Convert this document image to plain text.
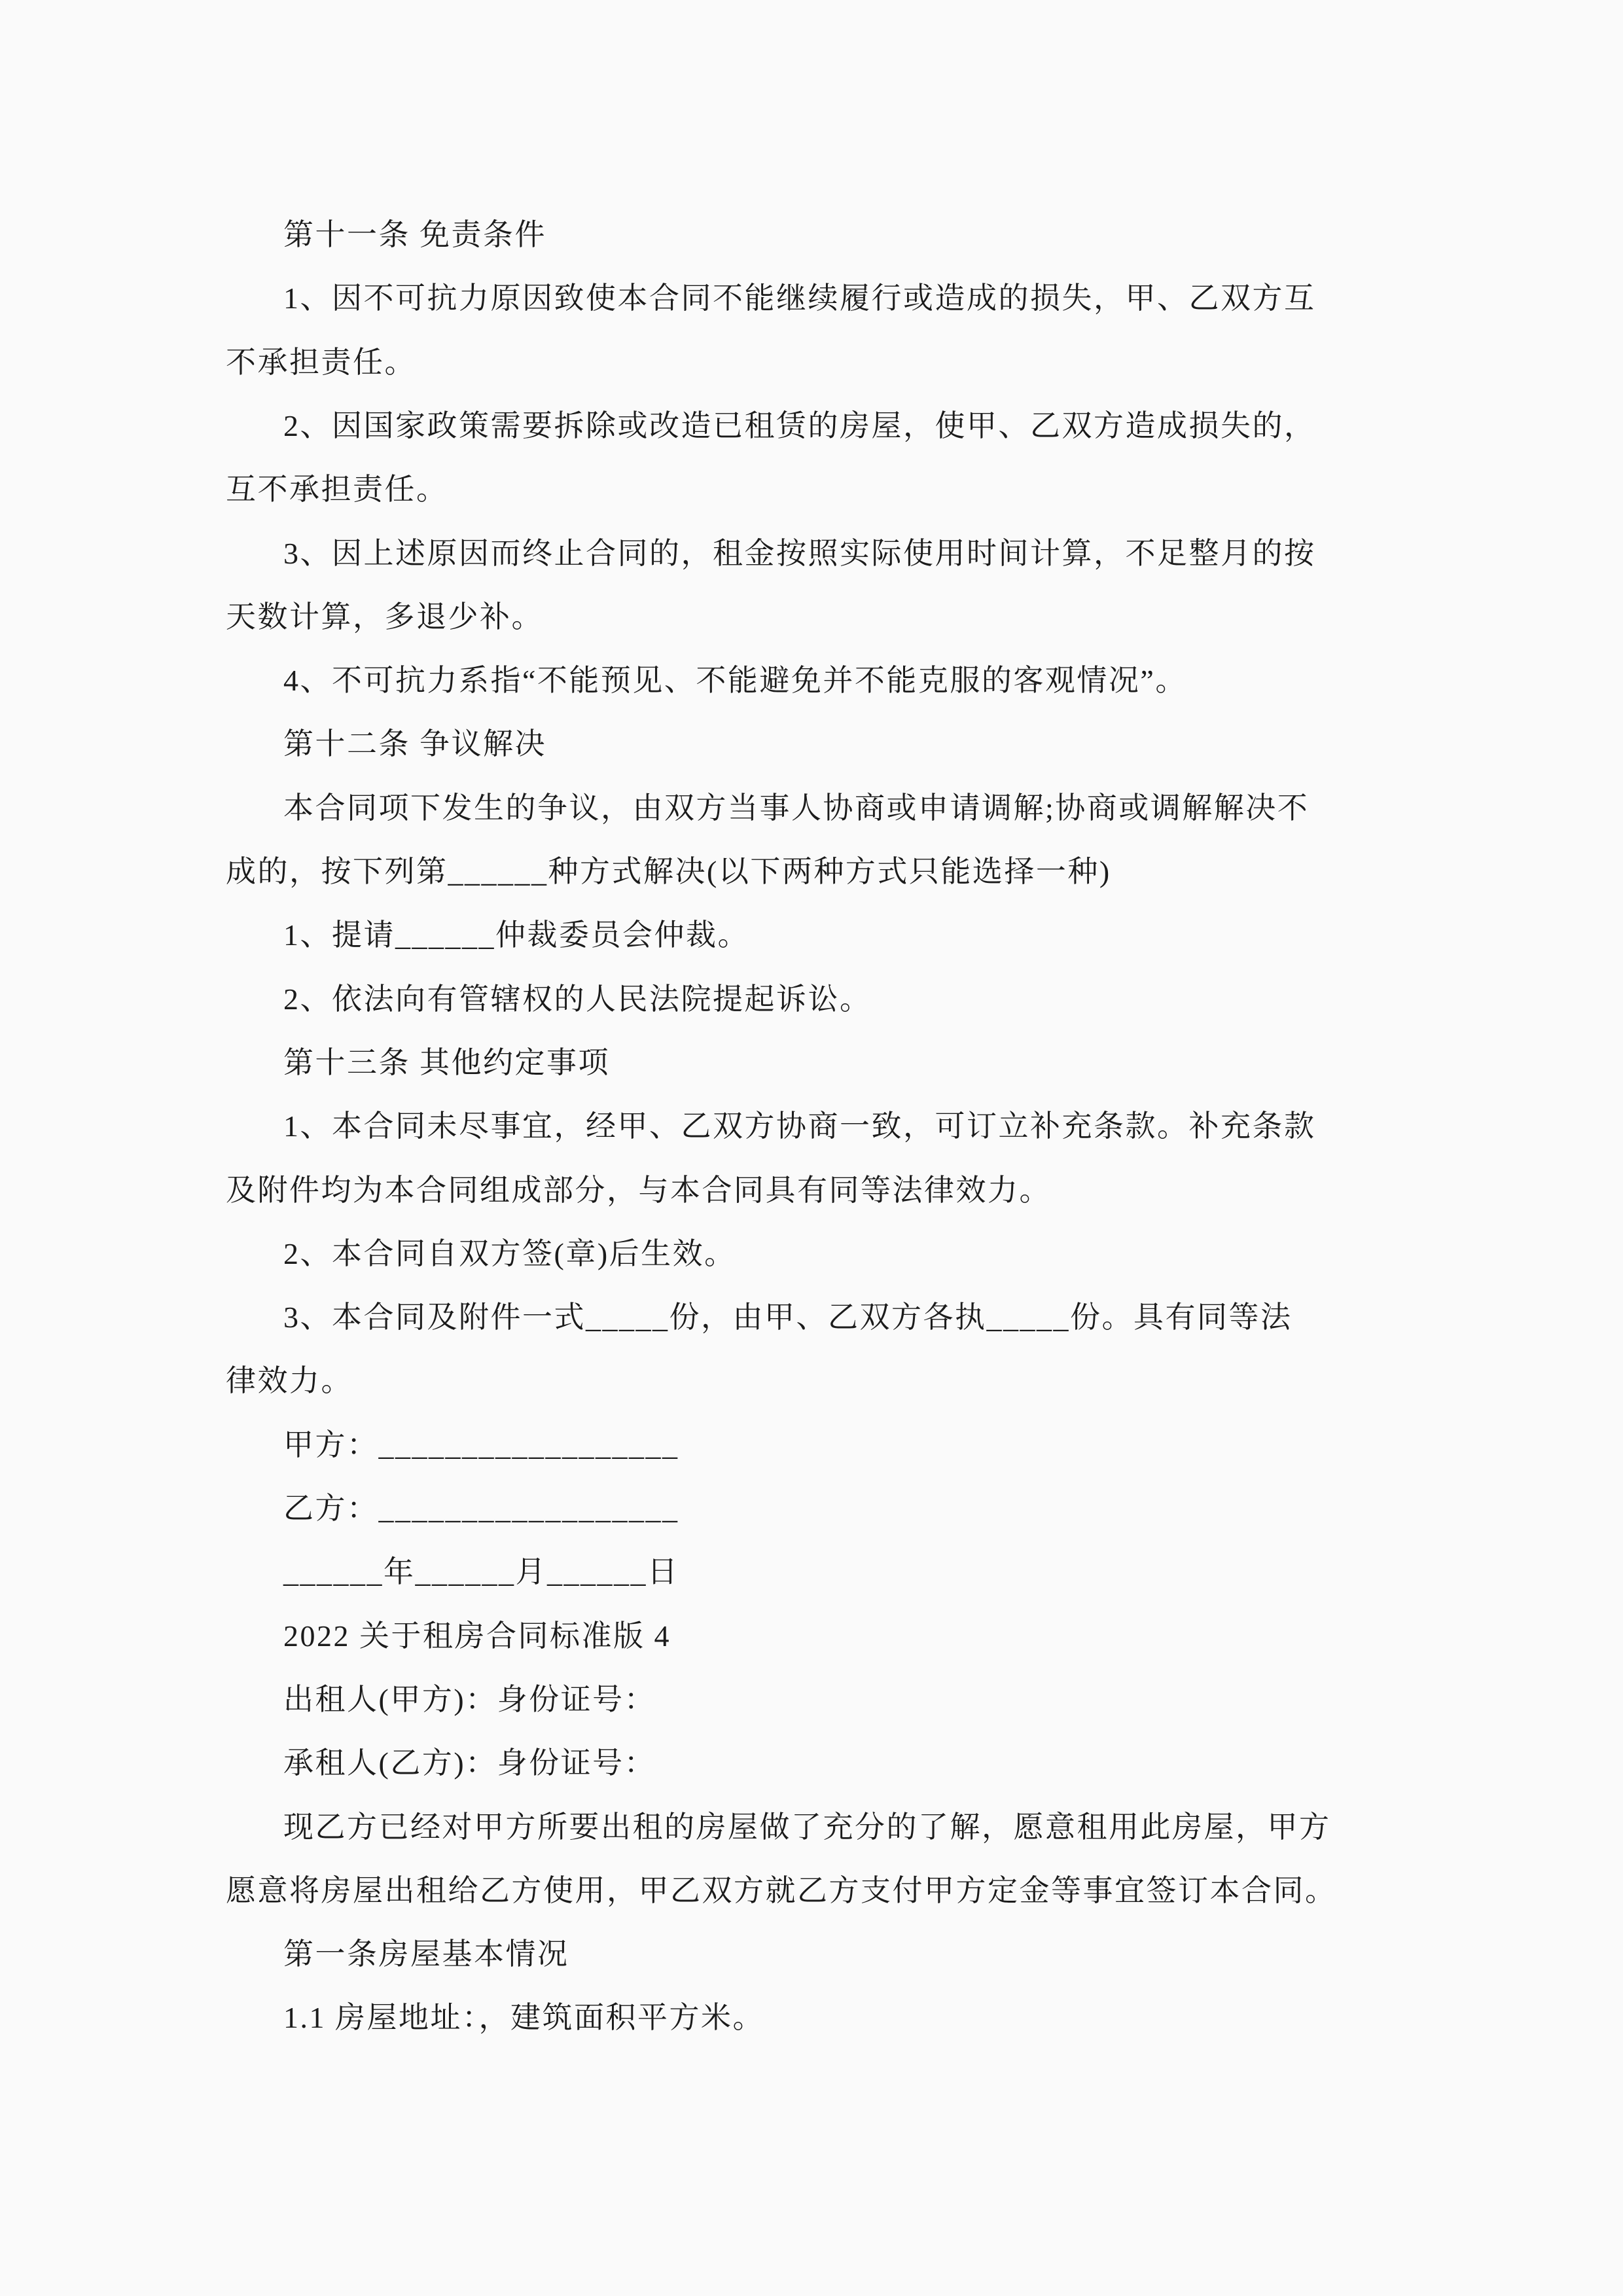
第十一条 免责条件
1、因不可抗力原因致使本合同不能继续履行或造成的损失，甲、乙双方互
不承担责任。
2、因国家政策需要拆除或改造已租赁的房屋，使甲、乙双方造成损失的，
互不承担责任。
3、因上述原因而终止合同的，租金按照实际使用时间计算，不足整月的按
天数计算，多退少补。
4、不可抗力系指“不能预见、不能避免并不能克服的客观情况”。
第十二条 争议解决
本合同项下发生的争议，由双方当事人协商或申请调解;协商或调解解决不
成的，按下列第______种方式解决(以下两种方式只能选择一种)
1、提请______仲裁委员会仲裁。
2、依法向有管辖权的人民法院提起诉讼。
第十三条 其他约定事项
1、本合同未尽事宜，经甲、乙双方协商一致，可订立补充条款。补充条款
及附件均为本合同组成部分，与本合同具有同等法律效力。
2、本合同自双方签(章)后生效。
3、本合同及附件一式_____份，由甲、乙双方各执_____份。具有同等法
律效力。
甲方：__________________
乙方：__________________
______年______月______日
2022 关于租房合同标准版 4
出租人(甲方)：身份证号：
承租人(乙方)：身份证号：
现乙方已经对甲方所要出租的房屋做了充分的了解，愿意租用此房屋，甲方
愿意将房屋出租给乙方使用，甲乙双方就乙方支付甲方定金等事宜签订本合同。
第一条房屋基本情况
1.1 房屋地址：，建筑面积平方米。
